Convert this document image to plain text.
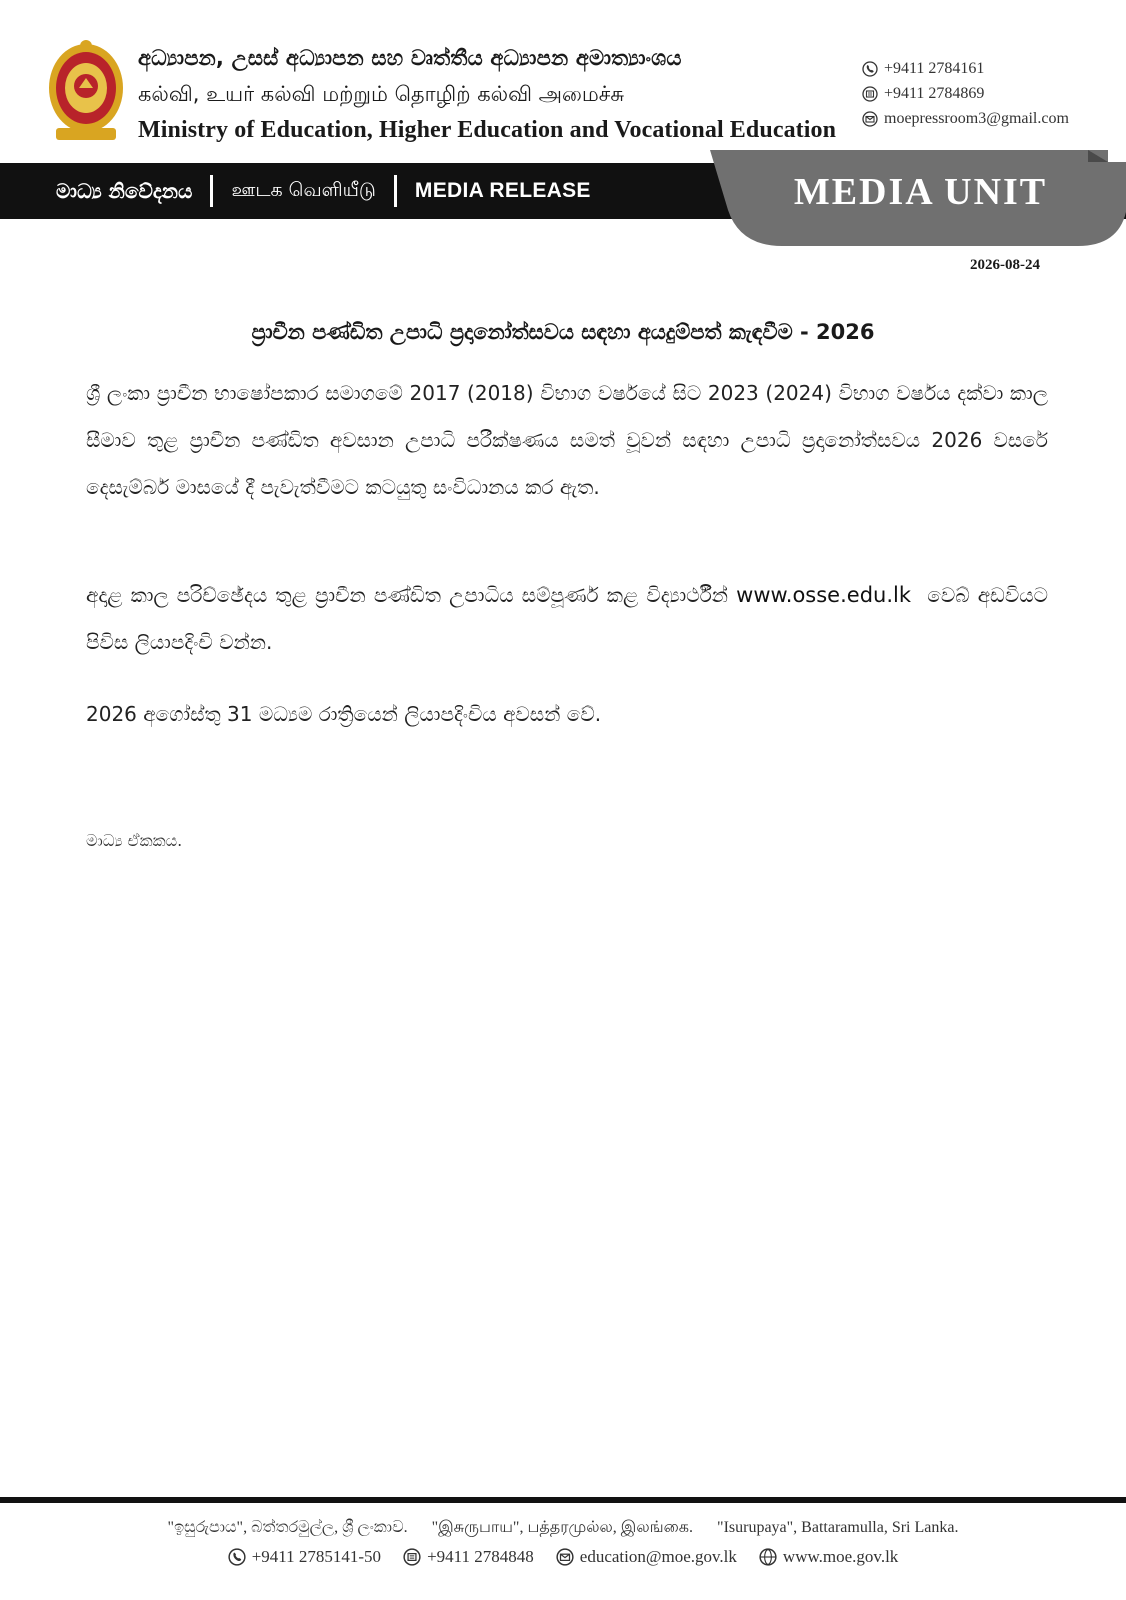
අධ්‍යාපන, උසස් අධ්‍යාපන සහ වෘත්තීය අධ්‍යාපන අමාත්‍යාංශය
கல்வி, உயர் கல்வி மற்றும் தொழிற் கல்வி அமைச்சு
Ministry of Education, Higher Education and Vocational Education
+9411 2784161
+9411 2784869
moepressroom3@gmail.com
මාධ්‍ය නිවේදනය ஊடக வெளியீடு MEDIA RELEASE	MEDIA UNIT
2026-08-24
ප්‍රාචීන පණ්ඩිත උපාධි ප්‍රදානෝත්සවය සඳහා අයදුම්පත් කැඳවීම - 2026
ශ්‍රී ලංකා ප්‍රාචීන භාෂෝපකාර සමාගමේ 2017 (2018) විභාග වර්ෂයේ සිට 2023 (2024) විභාග වර්ෂය දක්වා කාල සීමාව තුළ ප්‍රාචීන පණ්ඩිත අවසාන උපාධි පරීක්ෂණය සමත් වූවන් සඳහා උපාධි ප්‍රදානෝත්සවය 2026 වසරේ දෙසැම්බර් මාසයේ දී පැවැත්වීමට කටයුතු සංවිධානය කර ඇත.
අදාළ කාල පරිච්ඡේදය තුළ ප්‍රාචීන පණ්ඩිත උපාධිය සම්පූර්ණ කළ විද්‍යාර්ථීන් www.osse.edu.lk වෙබ් අඩවියට පිවිස ලියාපදිංචි වන්න.
2026 අගෝස්තු 31 මධ්‍යම රාත්‍රියෙන් ලියාපදිංචිය අවසන් වේ.
මාධ්‍ය ඒකකය.
"ඉසුරුපාය", බත්තරමුල්ල, ශ්‍රී ලංකාව. "இசுருபாய", பத்தரமுல்ல, இலங்கை. "Isurupaya", Battaramulla, Sri Lanka.
+9411 2785141-50	+9411 2784848	education@moe.gov.lk	www.moe.gov.lk
